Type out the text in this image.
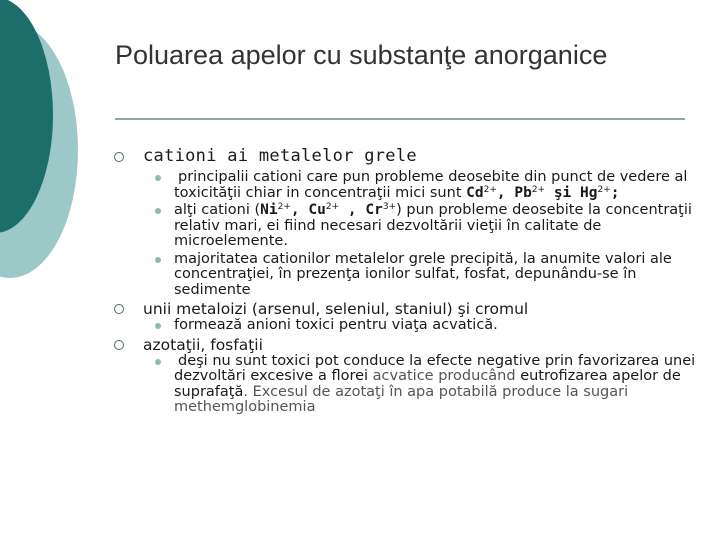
Poluarea apelor cu substanţe anorganice
cationi ai metalelor grele
principalii cationi care pun probleme deosebite din punct de vedere al toxicităţii chiar in concentraţii mici sunt $Cd^{2+}$, $Pb^{2+}$ şi $Hg^{2+}$;
alţi cationi ($Ni^{2+}$, $Cu^{2+}$ , $Cr^{3+}$) pun probleme deosebite la concentraţii relativ mari, ei fiind necesari dezvoltării vieţii în calitate de microelemente.
majoritatea cationilor metalelor grele precipită, la anumite valori ale concentraţiei, în prezenţa ionilor sulfat, fosfat, depunându-se în sedimente
unii metaloizi (arsenul, seleniul, staniul) şi cromul
formează anioni toxici pentru viaţa acvatică.
azotaţii, fosfaţii
deşi nu sunt toxici pot conduce la efecte negative prin favorizarea unei dezvoltări excesive a florei acvatice producând eutrofizarea apelor de suprafaţă. Excesul de azotaţi în apa potabilă produce la sugari methemglobinemia
